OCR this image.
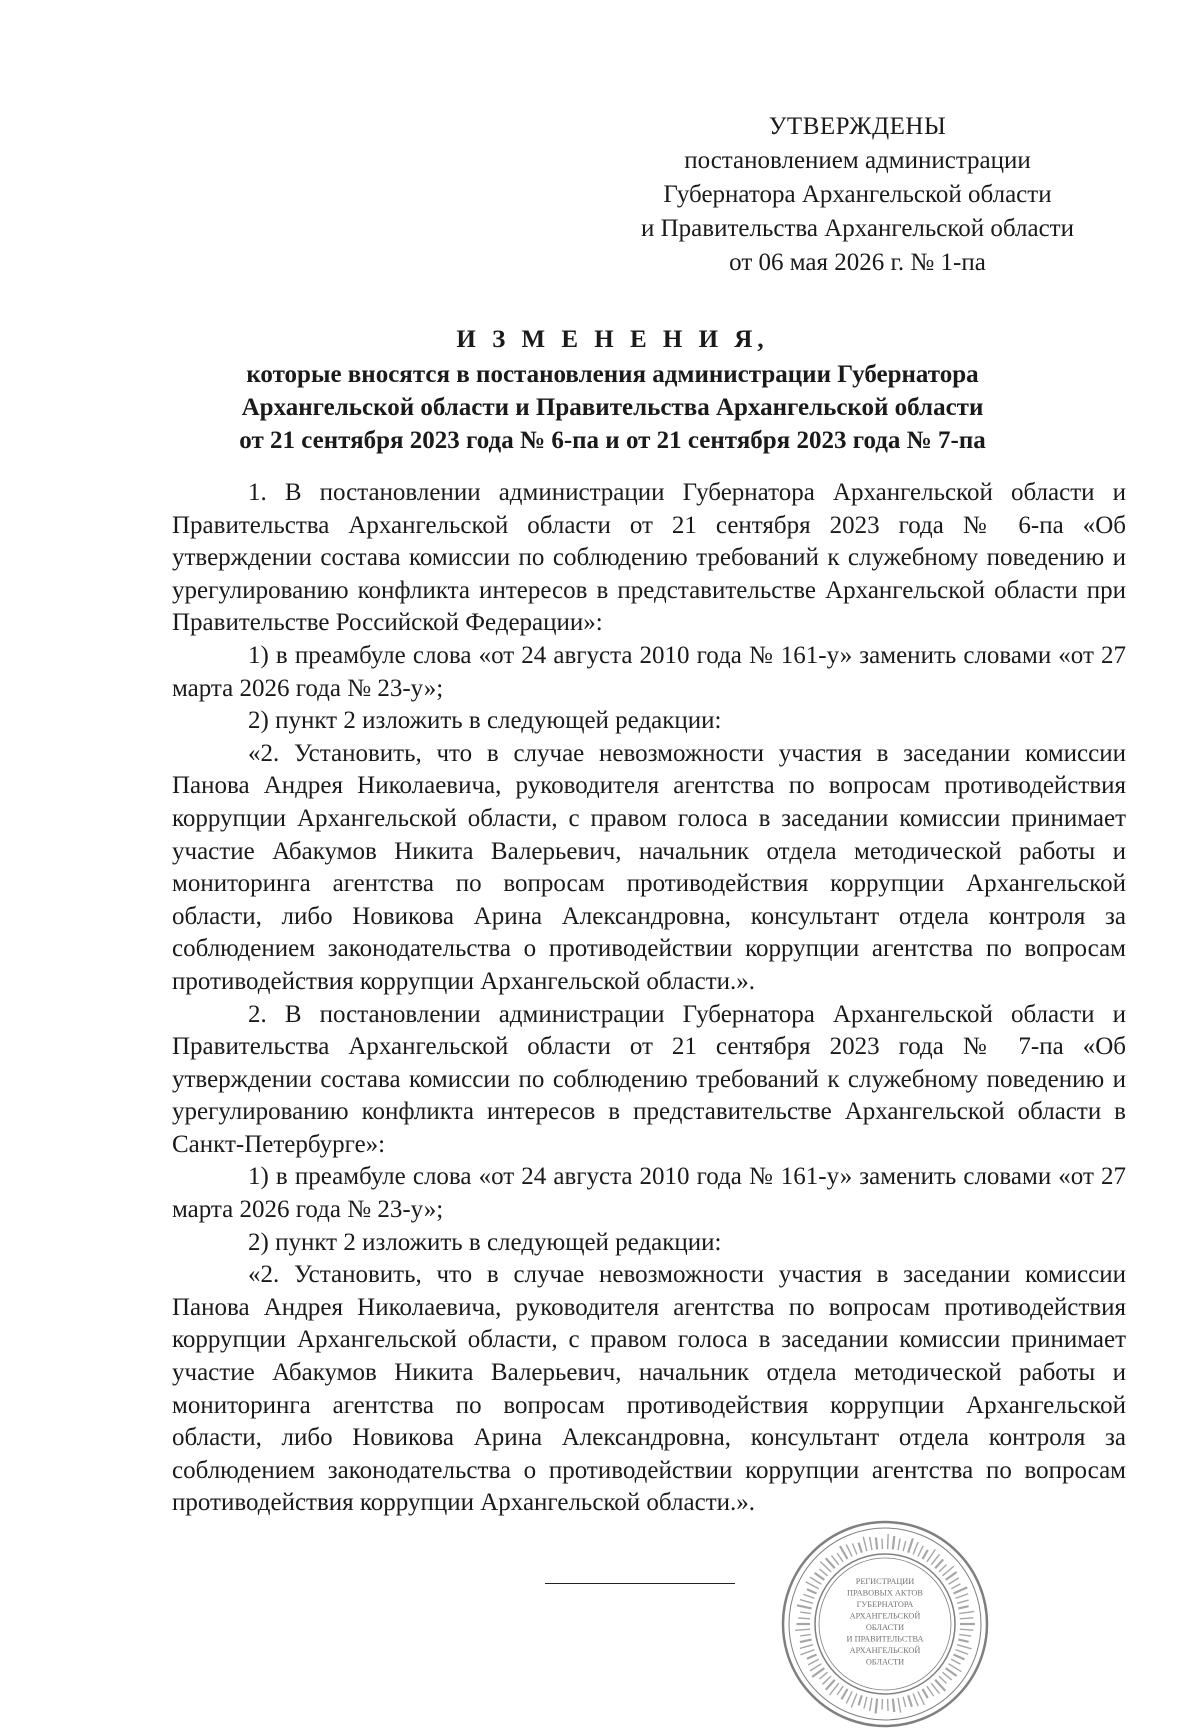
УТВЕРЖДЕНЫ
постановлением администрации
Губернатора Архангельской области
и Правительства Архангельской области
от 06 мая 2026 г. № 1-па
И З М Е Н Е Н И Я,
которые вносятся в постановления администрации Губернатора
Архангельской области и Правительства Архангельской области
от 21 сентября 2023 года № 6-па и от 21 сентября 2023 года № 7-па

1. В постановлении администрации Губернатора Архангельской области и Правительства Архангельской области от 21 сентября 2023 года № 6-па «Об утверждении состава комиссии по соблюдению требований к служебному поведению и урегулированию конфликта интересов в представительстве Архангельской области при Правительстве Российской Федерации»:

1) в преамбуле слова «от 24 августа 2010 года № 161-у» заменить словами «от 27 марта 2026 года № 23-у»;

2) пункт 2 изложить в следующей редакции:

«2. Установить, что в случае невозможности участия в заседании комиссии Панова Андрея Николаевича, руководителя агентства по вопросам противодействия коррупции Архангельской области, с правом голоса в заседании комиссии принимает участие Абакумов Никита Валерьевич, начальник отдела методической работы и мониторинга агентства по вопросам противодействия коррупции Архангельской области, либо Новикова Арина Александровна, консультант отдела контроля за соблюдением законодательства о противодействии коррупции агентства по вопросам противодействия коррупции Архангельской области.».

2. В постановлении администрации Губернатора Архангельской области и Правительства Архангельской области от 21 сентября 2023 года № 7-па «Об утверждении состава комиссии по соблюдению требований к служебному поведению и урегулированию конфликта интересов в представительстве Архангельской области в Санкт-Петербурге»:

1) в преамбуле слова «от 24 августа 2010 года № 161-у» заменить словами «от 27 марта 2026 года № 23-у»;

2) пункт 2 изложить в следующей редакции:

«2. Установить, что в случае невозможности участия в заседании комиссии Панова Андрея Николаевича, руководителя агентства по вопросам противодействия коррупции Архангельской области, с правом голоса в заседании комиссии принимает участие Абакумов Никита Валерьевич, начальник отдела методической работы и мониторинга агентства по вопросам противодействия коррупции Архангельской области, либо Новикова Арина Александровна, консультант отдела контроля за соблюдением законодательства о противодействии коррупции агентства по вопросам противодействия коррупции Архангельской области.».

РЕГИСТРАЦИИ
ПРАВОВЫХ АКТОВ
ГУБЕРНАТОРА
АРХАНГЕЛЬСКОЙ
ОБЛАСТИ
И ПРАВИТЕЛЬСТВА
АРХАНГЕЛЬСКОЙ
ОБЛАСТИ
